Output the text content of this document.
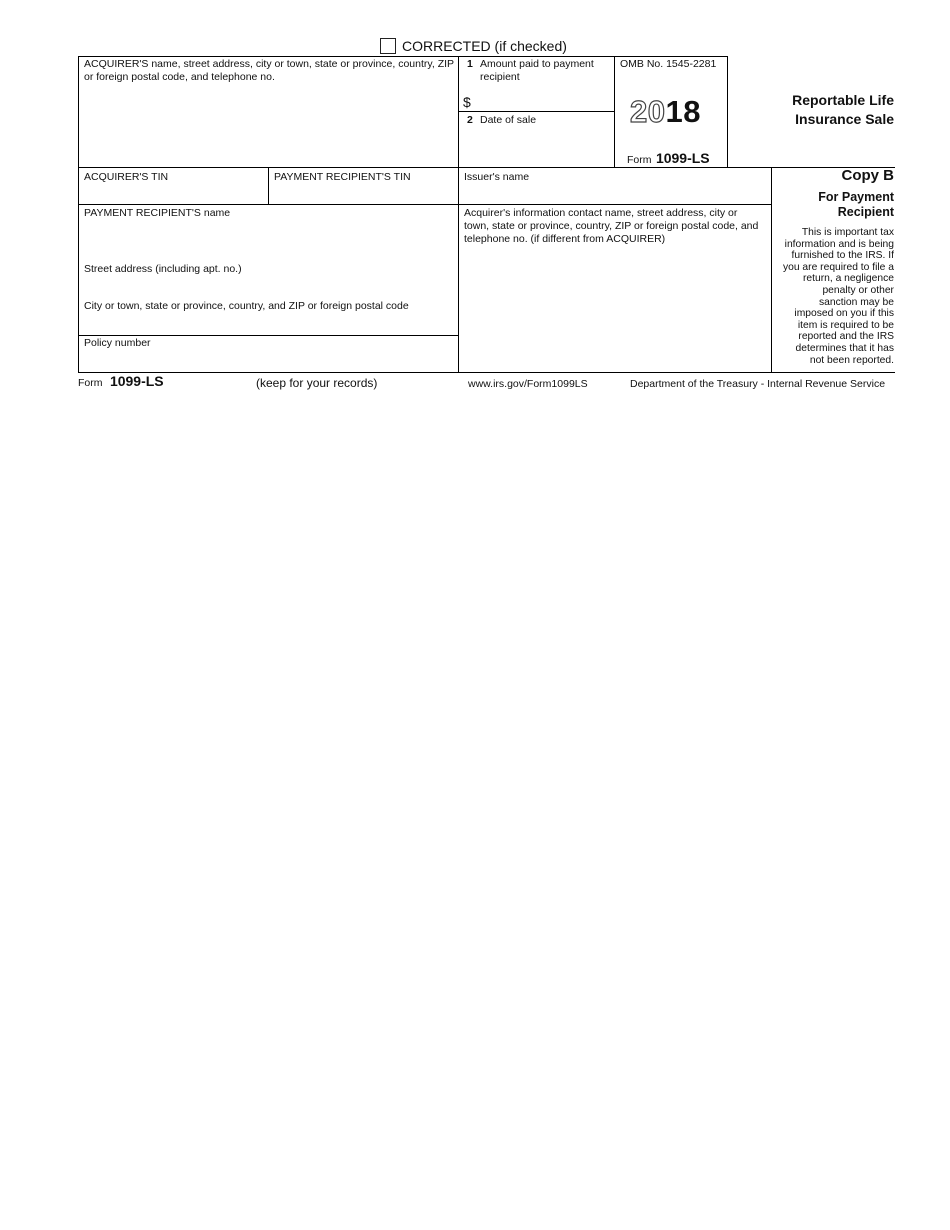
CORRECTED (if checked)
ACQUIRER'S name, street address, city or town, state or province, country, ZIP or foreign postal code, and telephone no.
1 Amount paid to payment recipient
$
2 Date of sale
OMB No. 1545-2281
2018
Form 1099-LS
Reportable Life
Insurance Sale
ACQUIRER'S TIN	PAYMENT RECIPIENT'S TIN	Issuer's name	Copy B
For Payment
Recipient
This is important tax
information and is being
furnished to the IRS. If
you are required to file a
return, a negligence
penalty or other
sanction may be
imposed on you if this
item is required to be
reported and the IRS
determines that it has
not been reported.
PAYMENT RECIPIENT'S name
Street address (including apt. no.)
City or town, state or province, country, and ZIP or foreign postal code
Acquirer's information contact name, street address, city or town, state or province, country, ZIP or foreign postal code, and telephone no. (if different from ACQUIRER)
Policy number
Form 1099-LS	(keep for your records)	www.irs.gov/Form1099LS	Department of the Treasury - Internal Revenue Service
